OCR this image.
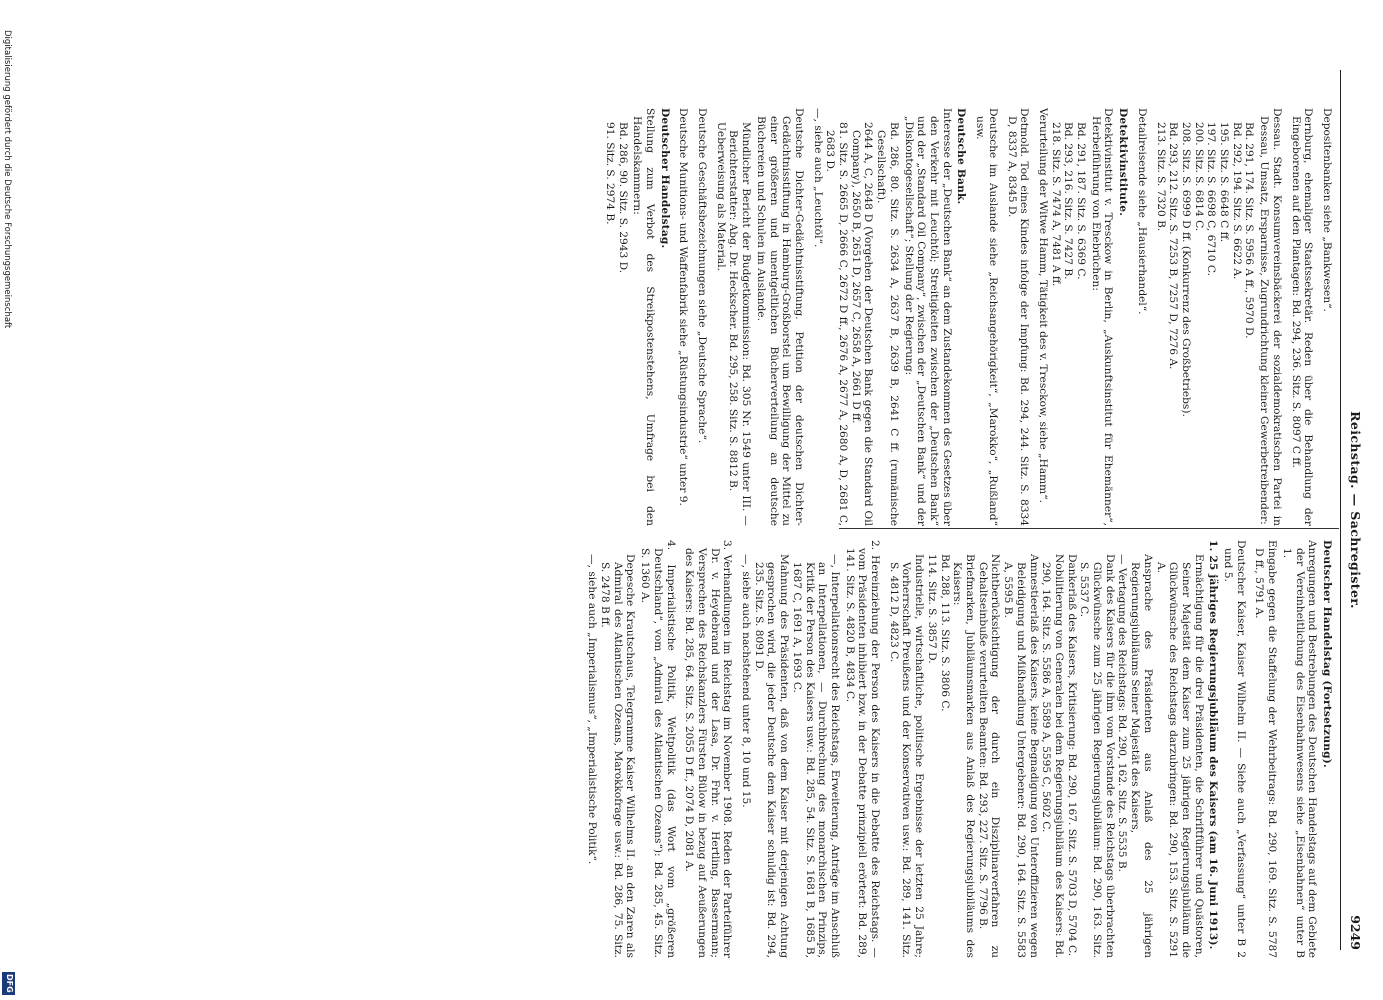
Reichstag. — Sachregister.
9249

Depositenbanken siehe „Bankwesen“.

Dernburg, ehemaliger Staatssekretär. Reden über die Behandlung der Eingeborenen auf den Plantagen: Bd. 294, 236. Sitz. S. 8097 C ff.

Dessau. Stadt. Konsumvereinsbäckerei der sozialdemokratischen Partei in Dessau, Umsatz, Ersparnisse, Zugrundrichtung kleiner Gewerbetreibender:

Bd. 291, 174. Sitz. S. 5956 A ff., 5970 D.

Bd. 292, 194. Sitz. S. 6622 A.

195. Sitz. S. 6648 C ff.

197. Sitz. S. 6698 C, 6710 C.

200. Sitz. S. 6814 C.

208. Sitz. S. 6999 D ff. (Konkurrenz des Großbetriebs).

Bd. 293, 212. Sitz. S. 7253 B, 7257 D, 7276 A.

213. Sitz. S. 7320 B.

Detailreisende siehe „Hausierhandel“.

Detektivinstitute.

Detektivinstitut v. Tresckow in Berlin, „Auskunftsinstitut für Ehemänner“, Herbeiführung von Ehebrüchen:

Bd. 291, 187. Sitz. S. 6369 C.

Bd. 293, 216. Sitz. S. 7427 B.

218. Sitz. S. 7474 A, 7481 A ff.

Verurteilung der Witwe Hamm, Tätigkeit des v. Tresckow, siehe „Hamm“.

Detmold. Tod eines Kindes infolge der Impfung: Bd. 294, 244. Sitz. S. 8334 D, 8337 A, 8345 D.

Deutsche im Auslande siehe „Reichsangehörigkeit“, „Marokko“, „Rußland“ usw.

Deutsche Bank.

Interesse der „Deutschen Bank“ an dem Zustandekommen des Gesetzes über den Verkehr mit Leuchtöl; Streitigkeiten zwischen der „Deutschen Bank“ und der „Standard Oil Company“, zwischen der „Deutschen Bank“ und der „Diskontogesellschaft“; Stellung der Regierung:

Bd. 286, 80. Sitz. S. 2634 A, 2637 B, 2639 B, 2641 C ff. (rumänische Gesellschaft).

2644 A, C, 2648 D (Vorgehen der Deutschen Bank gegen die Standard Oil Company), 2650 B, 2651 D, 2657 C, 2658 A, 2661 D ff.

81. Sitz. S. 2665 D, 2666 C, 2672 D ff., 2676 A, 2677 A, 2680 A, D, 2681 C, 2683 D.

—, siehe auch „Leuchtöl“.

Deutsche Dichter-Gedächtnisstiftung. Petition der deutschen Dichter-Gedächtnisstiftung in Hamburg-Großborstel um Bewilligung der Mittel zu einer größeren und unentgeltlichen Bücherverteilung an deutsche Büchereien und Schulen im Auslande.

Mündlicher Bericht der Budgetkommission: Bd. 305 Nr. 1549 unter III. — Berichterstatter: Abg. Dr. Heckscher. Bd. 295, 258. Sitz. S. 8812 B.

Ueberweisung als Material.

Deutsche Geschäftsbezeichnungen siehe „Deutsche Sprache“.

Deutsche Munitions- und Waffenfabrik siehe „Rüstungsindustrie“ unter 9.

Deutscher Handelstag.

Stellung zum Verbot des Streikpostenstehens, Umfrage bei den Handelskammern:

Bd. 286, 90. Sitz. S. 2943 D.

91. Sitz. S. 2974 B.

Deutscher Handelstag (Fortsetzung).

Anregungen und Bestrebungen des Deutschen Handelstags auf dem Gebiete der Vereinheitlichung des Eisenbahnwesens siehe „Eisenbahnen“ unter B 1.

Eingabe gegen die Staffelung der Wehrbeitrags: Bd. 290, 169. Sitz. S. 5787 D ff., 5791 A.

Deutscher Kaiser, Kaiser Wilhelm II. — Siehe auch „Verfassung“ unter B 2 und 5.

1. 25 jähriges Regierungsjubiläum des Kaisers (am 16. Juni 1913).

Ermächtigung für die drei Präsidenten, die Schriftführer und Quästoren, Seiner Majestät dem Kaiser zum 25 jährigen Regierungsjubiläum die Glückwünsche des Reichstags darzubringen: Bd. 290, 153. Sitz. S. 5291 A.

Ansprache des Präsidenten aus Anlaß des 25 jährigen Regierungsjubiläums Seiner Majestät des Kaisers,

— Vertagung des Reichstags: Bd. 290, 162. Sitz. S. 5535 B.

Dank des Kaisers für die ihm vom Vorstande des Reichstags überbrachten Glückwünsche zum 25 jährigen Regierungsjubiläum: Bd. 290, 163. Sitz. S. 5537 C.

Dankerlaß des Kaisers, Kritisierung: Bd. 290, 167. Sitz. S. 5703 D, 5704 C.

Nobilitierung von Generalen bei dem Regierungsjubiläum des Kaisers: Bd. 290, 164. Sitz. S. 5586 A, 5589 A, 5595 C, 5602 C.

Amnestieerlaß des Kaisers, keine Begnadigung von Unteroffizieren wegen Beleidigung und Mißhandlung Untergebener: Bd. 290, 164. Sitz. S. 5583 A, 5595 B.

Nichtberücksichtigung der durch ein Disziplinarverfahren zu Gehaltseinbuße verurteilten Beamten: Bd. 293, 227. Sitz. S. 7796 B.

Briefmarken, Jubiläumsmarken aus Anlaß des Regierungsjubiläums des Kaisers:

Bd. 288, 113. Sitz. S. 3806 C.

114. Sitz. S. 3857 D.

Industrielle, wirtschaftliche, politische Ergebnisse der letzten 25 Jahre; Vorherrschaft Preußens und der Konservativen usw.: Bd. 289, 141. Sitz. S. 4812 D, 4823 C.

2. Hereinziehung der Person des Kaisers in die Debatte des Reichstags. — vom Präsidenten inhibiert bzw. in der Debatte prinzipiell erörtert: Bd. 289, 141. Sitz. S. 4820 B, 4834 C.

—, Interpellationsrecht des Reichstags, Erweiterung, Anträge im Anschluß an Interpellationen, — Durchbrechung des monarchischen Prinzips, Kritik der Person des Kaisers usw.: Bd. 285, 54. Sitz. S. 1681 B, 1685 B, 1687 C, 1691 A, 1693 C.

Mahnung des Präsidenten, daß von dem Kaiser mit derjenigen Achtung gesprochen wird, die jeder Deutsche dem Kaiser schuldig ist: Bd. 294, 235. Sitz. S. 8091 D.

—, siehe auch nachstehend unter 8, 10 und 15.

3. Verhandlungen im Reichstag im November 1908. Reden der Parteiführer Dr. v. Heydebrand und der Lasa, Dr. Frhr. v. Hertling, Bassermann; Versprechen des Reichskanzlers Fürsten Bülow in bezug auf Aeußerungen des Kaisers: Bd. 285, 64. Sitz. S. 2055 D ff., 2074 D, 2081 A.

4. Imperialistische Politik, Weltpolitik (das Wort vom „größeren Deutschland“, vom „Admiral des Atlantischen Ozeans“): Bd. 285, 45. Sitz. S. 1360 A.

Depesche Krautschaus, Telegramme Kaiser Wilhelms II. an den Zaren als Admiral des Atlantischen Ozeans, Marokkofrage usw.: Bd. 286, 75. Sitz. S. 2478 B ff.

—, siehe auch „Imperialismus“, „Imperialistische Politik“.

Digitalisierung gefördert durch die Deutsche Forschungsgemeinschaft
DFG
